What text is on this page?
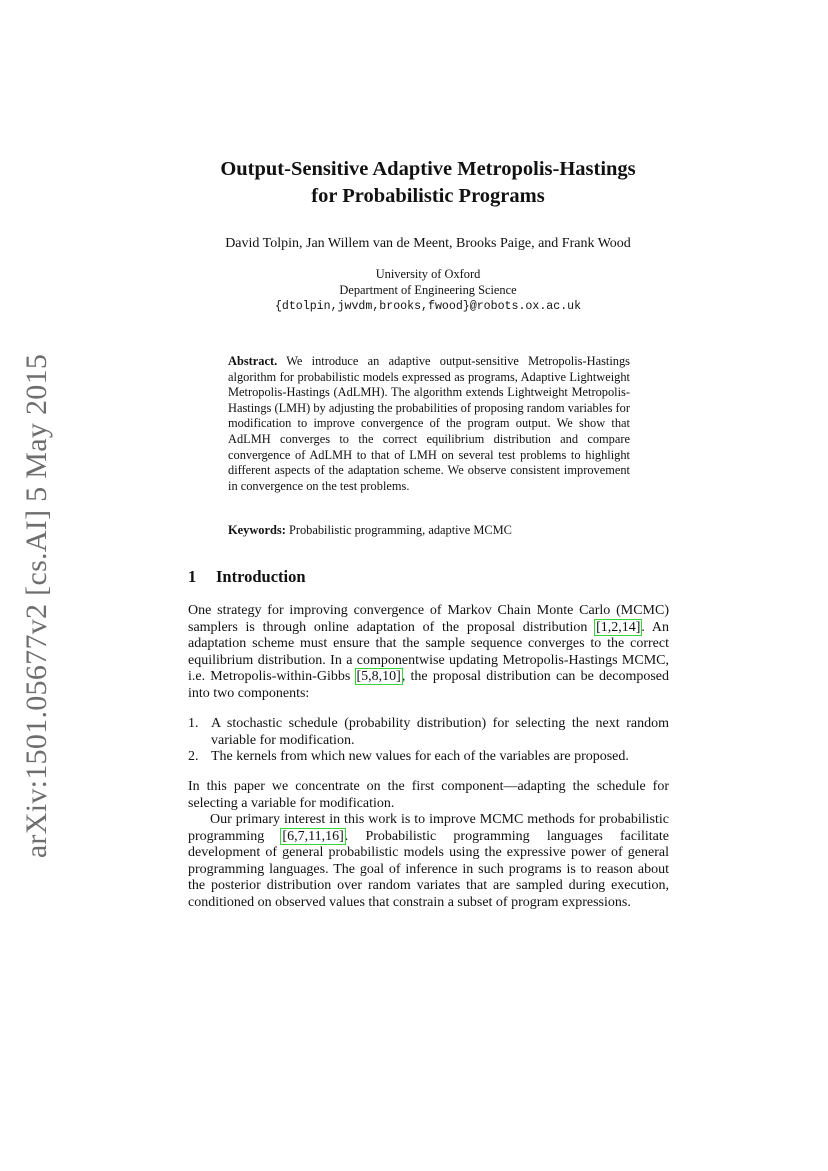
arXiv:1501.05677v2 [cs.AI] 5 May 2015
Output-Sensitive Adaptive Metropolis-Hastings
for Probabilistic Programs
David Tolpin, Jan Willem van de Meent, Brooks Paige, and Frank Wood
University of Oxford
Department of Engineering Science
{dtolpin,jwvdm,brooks,fwood}@robots.ox.ac.uk
Abstract. We introduce an adaptive output-sensitive Metropolis-Hastings algorithm for probabilistic models expressed as programs, Adaptive Lightweight Metropolis-Hastings (AdLMH). The algorithm extends Lightweight Metropolis-Hastings (LMH) by adjusting the probabilities of proposing random variables for modification to improve convergence of the program output. We show that AdLMH converges to the correct equilibrium distribution and compare convergence of AdLMH to that of LMH on several test problems to highlight different aspects of the adaptation scheme. We observe consistent improvement in convergence on the test problems.
Keywords: Probabilistic programming, adaptive MCMC
1 Introduction
One strategy for improving convergence of Markov Chain Monte Carlo (MCMC) samplers is through online adaptation of the proposal distribution [1,2,14]. An adaptation scheme must ensure that the sample sequence converges to the correct equilibrium distribution. In a componentwise updating Metropolis-Hastings MCMC, i.e. Metropolis-within-Gibbs [5,8,10], the proposal distribution can be decomposed into two components:
1. A stochastic schedule (probability distribution) for selecting the next random variable for modification.
2. The kernels from which new values for each of the variables are proposed.
In this paper we concentrate on the first component—adapting the schedule for selecting a variable for modification.
Our primary interest in this work is to improve MCMC methods for probabilistic programming [6,7,11,16]. Probabilistic programming languages facilitate development of general probabilistic models using the expressive power of general programming languages. The goal of inference in such programs is to reason about the posterior distribution over random variates that are sampled during execution, conditioned on observed values that constrain a subset of program expressions.
